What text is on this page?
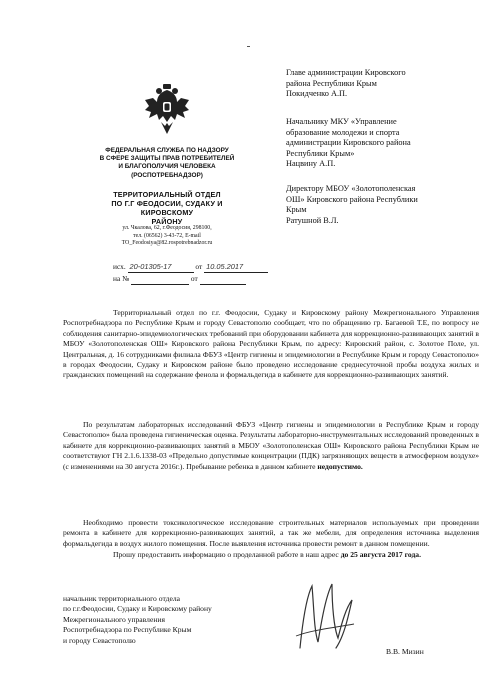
ФЕДЕРАЛЬНАЯ СЛУЖБА ПО НАДЗОРУ
В СФЕРЕ ЗАЩИТЫ ПРАВ ПОТРЕБИТЕЛЕЙ
И БЛАГОПОЛУЧИЯ ЧЕЛОВЕКА
(РОСПОТРЕБНАДЗОР)
ТЕРРИТОРИАЛЬНЫЙ ОТДЕЛ
ПО Г.Г ФЕОДОСИИ, СУДАКУ И КИРОВСКОМУ
РАЙОНУ
ул. Чкалова, 62, г.Феодосия, 298100,
тел. (06562) 3-43-72, E-mail
TO_Feodosiya@82.rospotrebnadzor.ru
исх. 20-01305-17	от 10.05.2017
на №	от
Главе администрации Кировского
района Республики Крым
Покидченко А.П.
Начальнику МКУ «Управление
образование молодежи и спорта
администрации Кировского района
Республики Крым»
Нацвину А.П.
Директору МБОУ «Золотополенская
ОШ» Кировского района Республики
Крым
Ратушной В.Л.
Территориальный отдел по г.г. Феодосии, Судаку и Кировскому району Межрегионального Управления Роспотребнадзора по Республике Крым и городу Севастополю сообщает, что по обращению гр. Багаевой Т.Е, по вопросу не соблюдения санитарно-эпидемиологических требований при оборудовании кабинета для коррекционно-развивающих занятий в МБОУ «Золотополенская ОШ» Кировского района Республики Крым, по адресу: Кировский район, с. Золотое Поле, ул. Центральная, д. 16 сотрудниками филиала ФБУЗ «Центр гигиены и эпидемиологии в Республике Крым и городу Севастополю» в городах Феодосии, Судаку и Кировском районе было проведено исследование среднесуточной пробы воздуха жилых и гражданских помещений на содержание фенола и формальдегида в кабинете для коррекционно-развивающих занятий.
По результатам лабораторных исследований ФБУЗ «Центр гигиены и эпидемиологии в Республике Крым и городу Севастополю» была проведена гигиеническая оценка. Результаты лабораторно-инструментальных исследований проведенных в кабинете для коррекционно-развивающих занятий в МБОУ «Золотополенская ОШ» Кировского района Республики Крым не соответствуют ГН 2.1.6.1338-03 «Предельно допустимые концентрации (ПДК) загрязняющих веществ в атмосферном воздухе» (с изменениями на 30 августа 2016г.). Пребывание ребенка в данном кабинете недопустимо.
Необходимо провести токсикологическое исследование строительных материалов используемых при проведении ремонта в кабинете для коррекционно-развивающих занятий, а так же мебели, для определения источника выделения формальдегида в воздух жилого помещения. После выявления источника провести ремонт в данном помещении.
Прошу предоставить информацию о проделанной работе в наш адрес до 25 августа 2017 года.
начальник территориального отдела
по г.г.Феодосии, Судаку и Кировскому району
Межрегионального управления
Роспотребнадзора по Республике Крым
и городу Севастополю
В.В. Мизин
